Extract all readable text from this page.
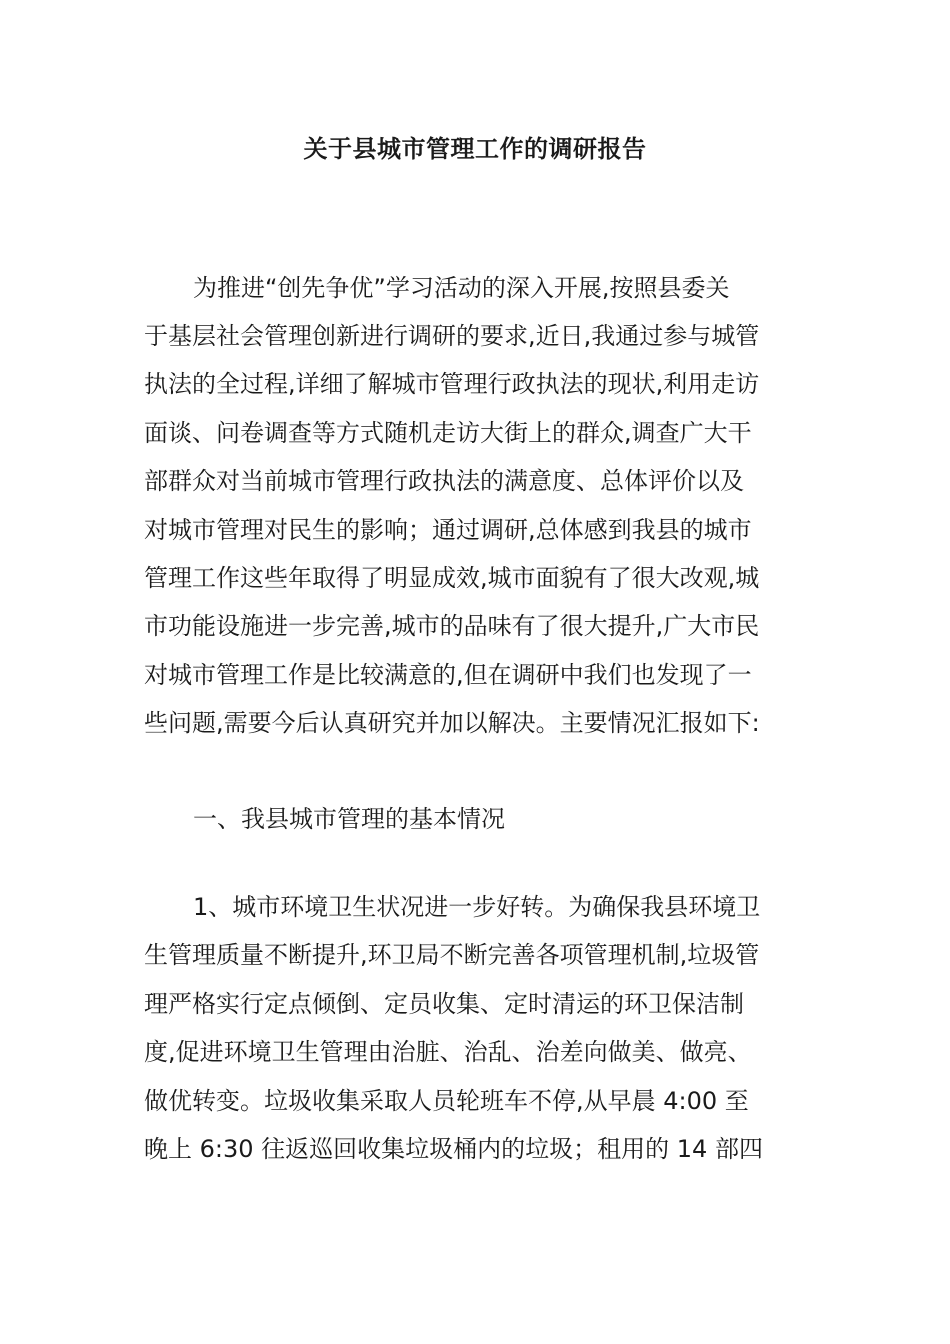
关于县城市管理工作的调研报告
为推进“创先争优”学习活动的深入开展,按照县委关
于基层社会管理创新进行调研的要求,近日,我通过参与城管
执法的全过程,详细了解城市管理行政执法的现状,利用走访
面谈、问卷调查等方式随机走访大街上的群众,调查广大干
部群众对当前城市管理行政执法的满意度、总体评价以及
对城市管理对民生的影响；通过调研,总体感到我县的城市
管理工作这些年取得了明显成效,城市面貌有了很大改观,城
市功能设施进一步完善,城市的品味有了很大提升,广大市民
对城市管理工作是比较满意的,但在调研中我们也发现了一
些问题,需要今后认真研究并加以解决。主要情况汇报如下:
一、我县城市管理的基本情况
1、城市环境卫生状况进一步好转。为确保我县环境卫
生管理质量不断提升,环卫局不断完善各项管理机制,垃圾管
理严格实行定点倾倒、定员收集、定时清运的环卫保洁制
度,促进环境卫生管理由治脏、治乱、治差向做美、做亮、
做优转变。垃圾收集采取人员轮班车不停,从早晨 4:00 至
晚上 6:30 往返巡回收集垃圾桶内的垃圾；租用的 14 部四
